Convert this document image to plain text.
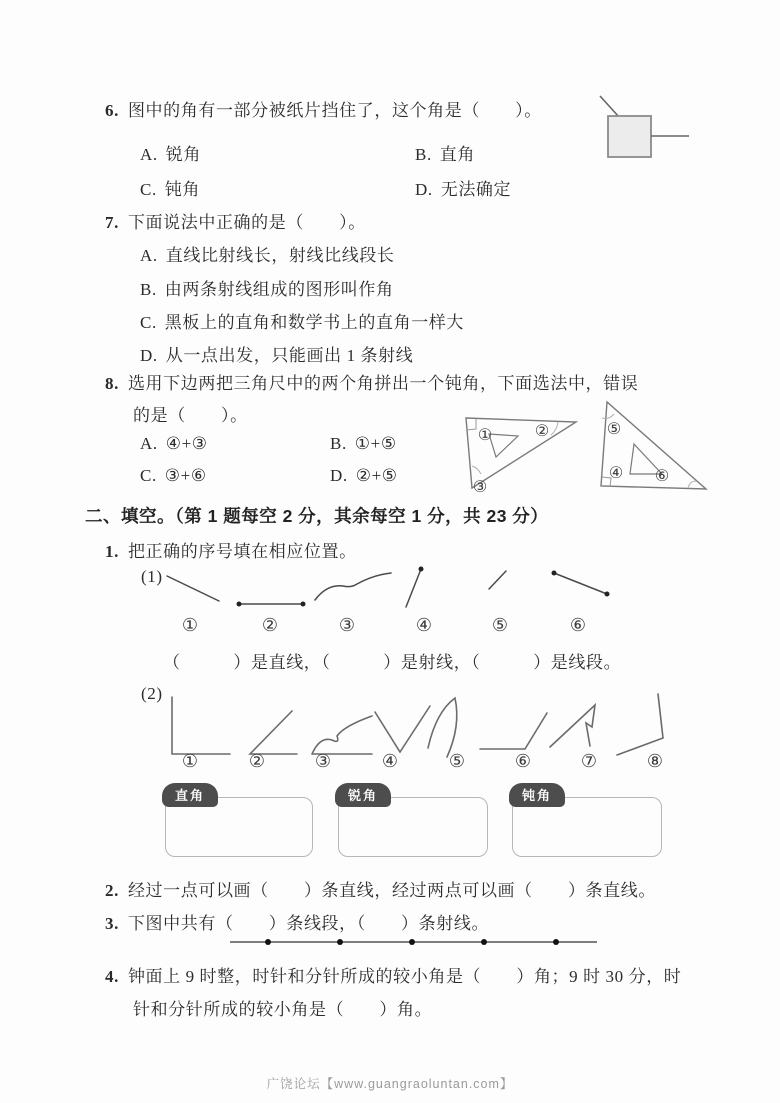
6. 图中的角有一部分被纸片挡住了，这个角是（　　）。
A. 锐角	B. 直角
C. 钝角	D. 无法确定
7. 下面说法中正确的是（　　）。
A. 直线比射线长，射线比线段长
B. 由两条射线组成的图形叫作角
C. 黑板上的直角和数学书上的直角一样大
D. 从一点出发，只能画出 1 条射线
8. 选用下边两把三角尺中的两个角拼出一个钝角，下面选法中，错误
的是（　　）。
A. ④+③	B. ①+⑤
C. ③+⑥	D. ②+⑤
①	②
③
⑤
④ ⑥
二、填空。（第 1 题每空 2 分，其余每空 1 分，共 23 分）
1. 把正确的序号填在相应位置。
(1)
①	②	③	④	⑤	⑥
（　　　）是直线，（　　　）是射线，（　　　）是线段。
(2)
①	②	③	④	⑤	⑥	⑦	⑧
直角	锐角	钝角
2. 经过一点可以画（　　）条直线，经过两点可以画（　　）条直线。
3. 下图中共有（　　）条线段，（　　）条射线。
4. 钟面上 9 时整，时针和分针所成的较小角是（　　）角；9 时 30 分，时
针和分针所成的较小角是（　　）角。
广饶论坛【www.guangraoluntan.com】
